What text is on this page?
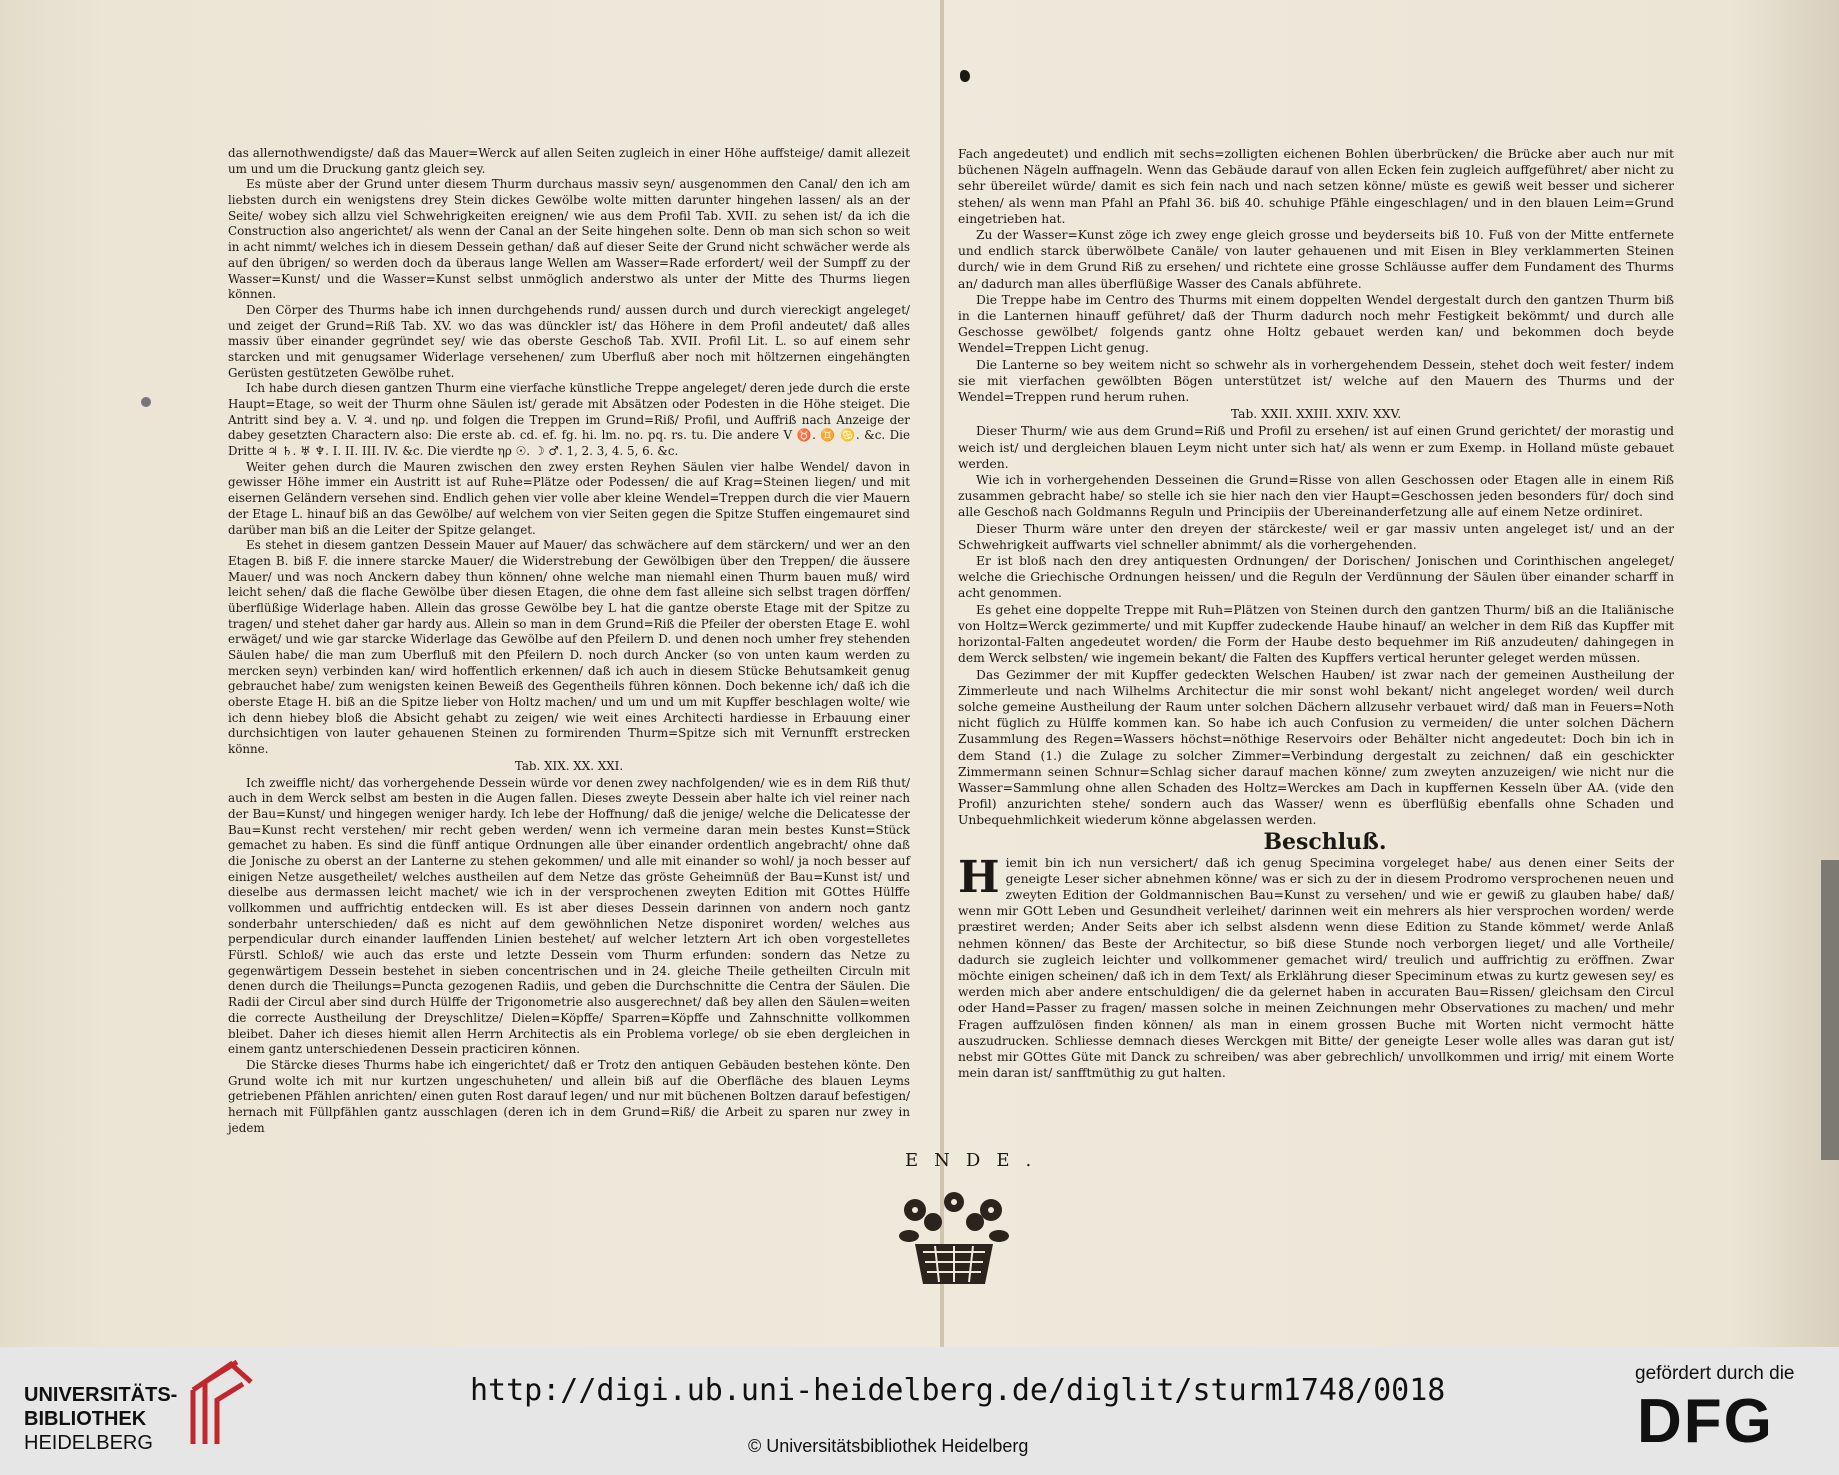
das allernothwendigste/ daß das Mauer=Werck auf allen Seiten zugleich in einer Höhe auffsteige/ damit allezeit um und um die Druckung gantz gleich sey.

Es müste aber der Grund unter diesem Thurm durchaus massiv seyn/ ausgenommen den Canal/ den ich am liebsten durch ein wenigstens drey Stein dickes Gewölbe wolte mitten darunter hingehen lassen/ als an der Seite/ wobey sich allzu viel Schwehrigkeiten ereignen/ wie aus dem Profil Tab. XVII. zu sehen ist/ da ich die Construction also angerichtet/ als wenn der Canal an der Seite hingehen solte. Denn ob man sich schon so weit in acht nimmt/ welches ich in diesem Dessein gethan/ daß auf dieser Seite der Grund nicht schwächer werde als auf den übrigen/ so werden doch da überaus lange Wellen am Wasser=Rade erfordert/ weil der Sumpff zu der Wasser=Kunst/ und die Wasser=Kunst selbst unmöglich anderstwo als unter der Mitte des Thurms liegen können.

Den Cörper des Thurms habe ich innen durchgehends rund/ aussen durch und durch viereckigt angeleget/ und zeiget der Grund=Riß Tab. XV. wo das was dünckler ist/ das Höhere in dem Profil andeutet/ daß alles massiv über einander gegründet sey/ wie das oberste Geschoß Tab. XVII. Profil Lit. L. so auf einem sehr starcken und mit genugsamer Widerlage versehenen/ zum Uberfluß aber noch mit höltzernen eingehängten Gerüsten gestützeten Gewölbe ruhet.

Ich habe durch diesen gantzen Thurm eine vierfache künstliche Treppe angeleget/ deren jede durch die erste Haupt=Etage, so weit der Thurm ohne Säulen ist/ gerade mit Absätzen oder Podesten in die Höhe steiget. Die Antritt sind bey a. V. ♃. und ηρ. und folgen die Treppen im Grund=Riß/ Profil, und Auffriß nach Anzeige der dabey gesetzten Charactern also: Die erste ab. cd. ef. fg. hi. lm. no. pq. rs. tu. Die andere V ♉. ♊ ♋. &c. Die Dritte ♃ ♄. ♅ ♆. I. II. III. IV. &c. Die vierdte ηρ ☉. ☽ ♂. 1, 2. 3, 4. 5, 6. &c.

Weiter gehen durch die Mauren zwischen den zwey ersten Reyhen Säulen vier halbe Wendel/ davon in gewisser Höhe immer ein Austritt ist auf Ruhe=Plätze oder Podessen/ die auf Krag=Steinen liegen/ und mit eisernen Geländern versehen sind. Endlich gehen vier volle aber kleine Wendel=Treppen durch die vier Mauern der Etage L. hinauf biß an das Gewölbe/ auf welchem von vier Seiten gegen die Spitze Stuffen eingemauret sind darüber man biß an die Leiter der Spitze gelanget.

Es stehet in diesem gantzen Dessein Mauer auf Mauer/ das schwächere auf dem stärckern/ und wer an den Etagen B. biß F. die innere starcke Mauer/ die Widerstrebung der Gewölbigen über den Treppen/ die äussere Mauer/ und was noch Anckern dabey thun können/ ohne welche man niemahl einen Thurm bauen muß/ wird leicht sehen/ daß die flache Gewölbe über diesen Etagen, die ohne dem fast alleine sich selbst tragen dörffen/ überflüßige Widerlage haben. Allein das grosse Gewölbe bey L hat die gantze oberste Etage mit der Spitze zu tragen/ und stehet daher gar hardy aus. Allein so man in dem Grund=Riß die Pfeiler der obersten Etage E. wohl erwäget/ und wie gar starcke Widerlage das Gewölbe auf den Pfeilern D. und denen noch umher frey stehenden Säulen habe/ die man zum Uberfluß mit den Pfeilern D. noch durch Ancker (so von unten kaum werden zu mercken seyn) verbinden kan/ wird hoffentlich erkennen/ daß ich auch in diesem Stücke Behutsamkeit genug gebrauchet habe/ zum wenigsten keinen Beweiß des Gegentheils führen können. Doch bekenne ich/ daß ich die oberste Etage H. biß an die Spitze lieber von Holtz machen/ und um und um mit Kupffer beschlagen wolte/ wie ich denn hiebey bloß die Absicht gehabt zu zeigen/ wie weit eines Architecti hardiesse in Erbauung einer durchsichtigen von lauter gehauenen Steinen zu formirenden Thurm=Spitze sich mit Vernunfft erstrecken könne.

Tab. XIX. XX. XXI.

Ich zweiffle nicht/ das vorhergehende Dessein würde vor denen zwey nachfolgenden/ wie es in dem Riß thut/ auch in dem Werck selbst am besten in die Augen fallen. Dieses zweyte Dessein aber halte ich viel reiner nach der Bau=Kunst/ und hingegen weniger hardy. Ich lebe der Hoffnung/ daß die jenige/ welche die Delicatesse der Bau=Kunst recht verstehen/ mir recht geben werden/ wenn ich vermeine daran mein bestes Kunst=Stück gemachet zu haben. Es sind die fünff antique Ordnungen alle über einander ordentlich angebracht/ ohne daß die Jonische zu oberst an der Lanterne zu stehen gekommen/ und alle mit einander so wohl/ ja noch besser auf einigen Netze ausgetheilet/ welches austheilen auf dem Netze das gröste Geheimnüß der Bau=Kunst ist/ und dieselbe aus dermassen leicht machet/ wie ich in der versprochenen zweyten Edition mit GOttes Hülffe vollkommen und auffrichtig entdecken will. Es ist aber dieses Dessein darinnen von andern noch gantz sonderbahr unterschieden/ daß es nicht auf dem gewöhnlichen Netze disponiret worden/ welches aus perpendicular durch einander lauffenden Linien bestehet/ auf welcher letztern Art ich oben vorgestelletes Fürstl. Schloß/ wie auch das erste und letzte Dessein vom Thurm erfunden: sondern das Netze zu gegenwärtigem Dessein bestehet in sieben concentrischen und in 24. gleiche Theile getheilten Circuln mit denen durch die Theilungs=Puncta gezogenen Radiis, und geben die Durchschnitte die Centra der Säulen. Die Radii der Circul aber sind durch Hülffe der Trigonometrie also ausgerechnet/ daß bey allen den Säulen=weiten die correcte Austheilung der Dreyschlitze/ Dielen=Köpffe/ Sparren=Köpffe und Zahnschnitte vollkommen bleibet. Daher ich dieses hiemit allen Herrn Architectis als ein Problema vorlege/ ob sie eben dergleichen in einem gantz unterschiedenen Dessein practiciren können.

Die Stärcke dieses Thurms habe ich eingerichtet/ daß er Trotz den antiquen Gebäuden bestehen könte. Den Grund wolte ich mit nur kurtzen ungeschuheten/ und allein biß auf die Oberfläche des blauen Leyms getriebenen Pfählen anrichten/ einen guten Rost darauf legen/ und nur mit büchenen Boltzen darauf befestigen/ hernach mit Füllpfählen gantz ausschlagen (deren ich in dem Grund=Riß/ die Arbeit zu sparen nur zwey in jedem

Fach angedeutet) und endlich mit sechs=zolligten eichenen Bohlen überbrücken/ die Brücke aber auch nur mit büchenen Nägeln auffnageln. Wenn das Gebäude darauf von allen Ecken fein zugleich auffgeführet/ aber nicht zu sehr übereilet würde/ damit es sich fein nach und nach setzen könne/ müste es gewiß weit besser und sicherer stehen/ als wenn man Pfahl an Pfahl 36. biß 40. schuhige Pfähle eingeschlagen/ und in den blauen Leim=Grund eingetrieben hat.

Zu der Wasser=Kunst zöge ich zwey enge gleich grosse und beyderseits biß 10. Fuß von der Mitte entfernete und endlich starck überwölbete Canäle/ von lauter gehauenen und mit Eisen in Bley verklammerten Steinen durch/ wie in dem Grund Riß zu ersehen/ und richtete eine grosse Schläusse auffer dem Fundament des Thurms an/ dadurch man alles überflüßige Wasser des Canals abführete.

Die Treppe habe im Centro des Thurms mit einem doppelten Wendel dergestalt durch den gantzen Thurm biß in die Lanternen hinauff geführet/ daß der Thurm dadurch noch mehr Festigkeit bekömmt/ und durch alle Geschosse gewölbet/ folgends gantz ohne Holtz gebauet werden kan/ und bekommen doch beyde Wendel=Treppen Licht genug.

Die Lanterne so bey weitem nicht so schwehr als in vorhergehendem Dessein, stehet doch weit fester/ indem sie mit vierfachen gewölbten Bögen unterstützet ist/ welche auf den Mauern des Thurms und der Wendel=Treppen rund herum ruhen.

Tab. XXII. XXIII. XXIV. XXV.

Dieser Thurm/ wie aus dem Grund=Riß und Profil zu ersehen/ ist auf einen Grund gerichtet/ der morastig und weich ist/ und dergleichen blauen Leym nicht unter sich hat/ als wenn er zum Exemp. in Holland müste gebauet werden.

Wie ich in vorhergehenden Desseinen die Grund=Risse von allen Geschossen oder Etagen alle in einem Riß zusammen gebracht habe/ so stelle ich sie hier nach den vier Haupt=Geschossen jeden besonders für/ doch sind alle Geschoß nach Goldmanns Reguln und Principiis der Ubereinanderfetzung alle auf einem Netze ordiniret.

Dieser Thurm wäre unter den dreyen der stärckeste/ weil er gar massiv unten angeleget ist/ und an der Schwehrigkeit auffwarts viel schneller abnimmt/ als die vorhergehenden.

Er ist bloß nach den drey antiquesten Ordnungen/ der Dorischen/ Jonischen und Corinthischen angeleget/ welche die Griechische Ordnungen heissen/ und die Reguln der Verdünnung der Säulen über einander scharff in acht genommen.

Es gehet eine doppelte Treppe mit Ruh=Plätzen von Steinen durch den gantzen Thurm/ biß an die Italiänische von Holtz=Werck gezimmerte/ und mit Kupffer zudeckende Haube hinauf/ an welcher in dem Riß das Kupffer mit horizontal-Falten angedeutet worden/ die Form der Haube desto bequehmer im Riß anzudeuten/ dahingegen in dem Werck selbsten/ wie ingemein bekant/ die Falten des Kupffers vertical herunter geleget werden müssen.

Das Gezimmer der mit Kupffer gedeckten Welschen Hauben/ ist zwar nach der gemeinen Austheilung der Zimmerleute und nach Wilhelms Architectur die mir sonst wohl bekant/ nicht angeleget worden/ weil durch solche gemeine Austheilung der Raum unter solchen Dächern allzusehr verbauet wird/ daß man in Feuers=Noth nicht füglich zu Hülffe kommen kan. So habe ich auch Confusion zu vermeiden/ die unter solchen Dächern Zusammlung des Regen=Wassers höchst=nöthige Reservoirs oder Behälter nicht angedeutet: Doch bin ich in dem Stand (1.) die Zulage zu solcher Zimmer=Verbindung dergestalt zu zeichnen/ daß ein geschickter Zimmermann seinen Schnur=Schlag sicher darauf machen könne/ zum zweyten anzuzeigen/ wie nicht nur die Wasser=Sammlung ohne allen Schaden des Holtz=Werckes am Dach in kupffernen Kesseln über AA. (vide den Profil) anzurichten stehe/ sondern auch das Wasser/ wenn es überflüßig ebenfalls ohne Schaden und Unbequehmlichkeit wiederum könne abgelassen werden.

Beschluß.

Hiemit bin ich nun versichert/ daß ich genug Specimina vorgeleget habe/ aus denen einer Seits der geneigte Leser sicher abnehmen könne/ was er sich zu der in diesem Prodromo versprochenen neuen und zweyten Edition der Goldmannischen Bau=Kunst zu versehen/ und wie er gewiß zu glauben habe/ daß/ wenn mir GOtt Leben und Gesundheit verleihet/ darinnen weit ein mehrers als hier versprochen worden/ werde præstiret werden; Ander Seits aber ich selbst alsdenn wenn diese Edition zu Stande kömmet/ werde Anlaß nehmen können/ das Beste der Architectur, so biß diese Stunde noch verborgen lieget/ und alle Vortheile/ dadurch sie zugleich leichter und vollkommener gemachet wird/ treulich und auffrichtig zu eröffnen. Zwar möchte einigen scheinen/ daß ich in dem Text/ als Erklährung dieser Speciminum etwas zu kurtz gewesen sey/ es werden mich aber andere entschuldigen/ die da gelernet haben in accuraten Bau=Rissen/ gleichsam den Circul oder Hand=Passer zu fragen/ massen solche in meinen Zeichnungen mehr Observationes zu machen/ und mehr Fragen auffzulösen finden können/ als man in einem grossen Buche mit Worten nicht vermocht hätte auszudrucken. Schliesse demnach dieses Werckgen mit Bitte/ der geneigte Leser wolle alles was daran gut ist/ nebst mir GOttes Güte mit Danck zu schreiben/ was aber gebrechlich/ unvollkommen und irrig/ mit einem Worte mein daran ist/ sanfftmüthig zu gut halten.

ENDE.
UNIVERSITÄTS-
BIBLIOTHEK
HEIDELBERG
http://digi.ub.uni-heidelberg.de/diglit/sturm1748/0018
© Universitätsbibliothek Heidelberg
gefördert durch die
DFG
